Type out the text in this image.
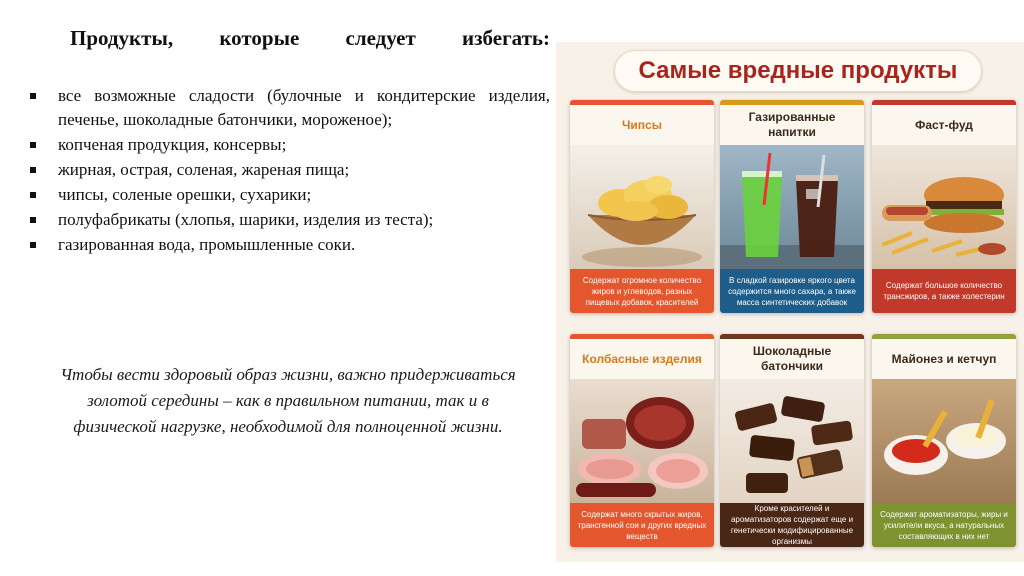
Продукты, которые следует избегать:
все возможные сладости (булочные и кондитерские изделия, печенье, шоколадные батончики, мороженое);
копченая продукция, консервы;
жирная, острая, соленая, жареная пища;
чипсы, соленые орешки, сухарики;
полуфабрикаты (хлопья, шарики, изделия из теста);
газированная вода, промышленные соки.
Чтобы вести здоровый образ жизни, важно придерживаться золотой середины – как в правильном питании, так и в физической нагрузке, необходимой для полноценной жизни.
Самые вредные продукты
Чипсы
Содержат огромное количество жиров и углеводов, разных пищевых добавок, красителей
Газированные напитки
В сладкой газировке яркого цвета содержится много сахара, а также масса синтетических добавок
Фаст-фуд
Содержат большое количество трансжиров, а также холестерин
Колбасные изделия
Содержат много скрытых жиров, трансгенной сои и других вредных веществ
Шоколадные батончики
Кроме красителей и ароматизаторов содержат еще и генетически модифицированные организмы
Майонез и кетчуп
Содержат ароматизаторы, жиры и усилители вкуса, а натуральных составляющих в них нет
